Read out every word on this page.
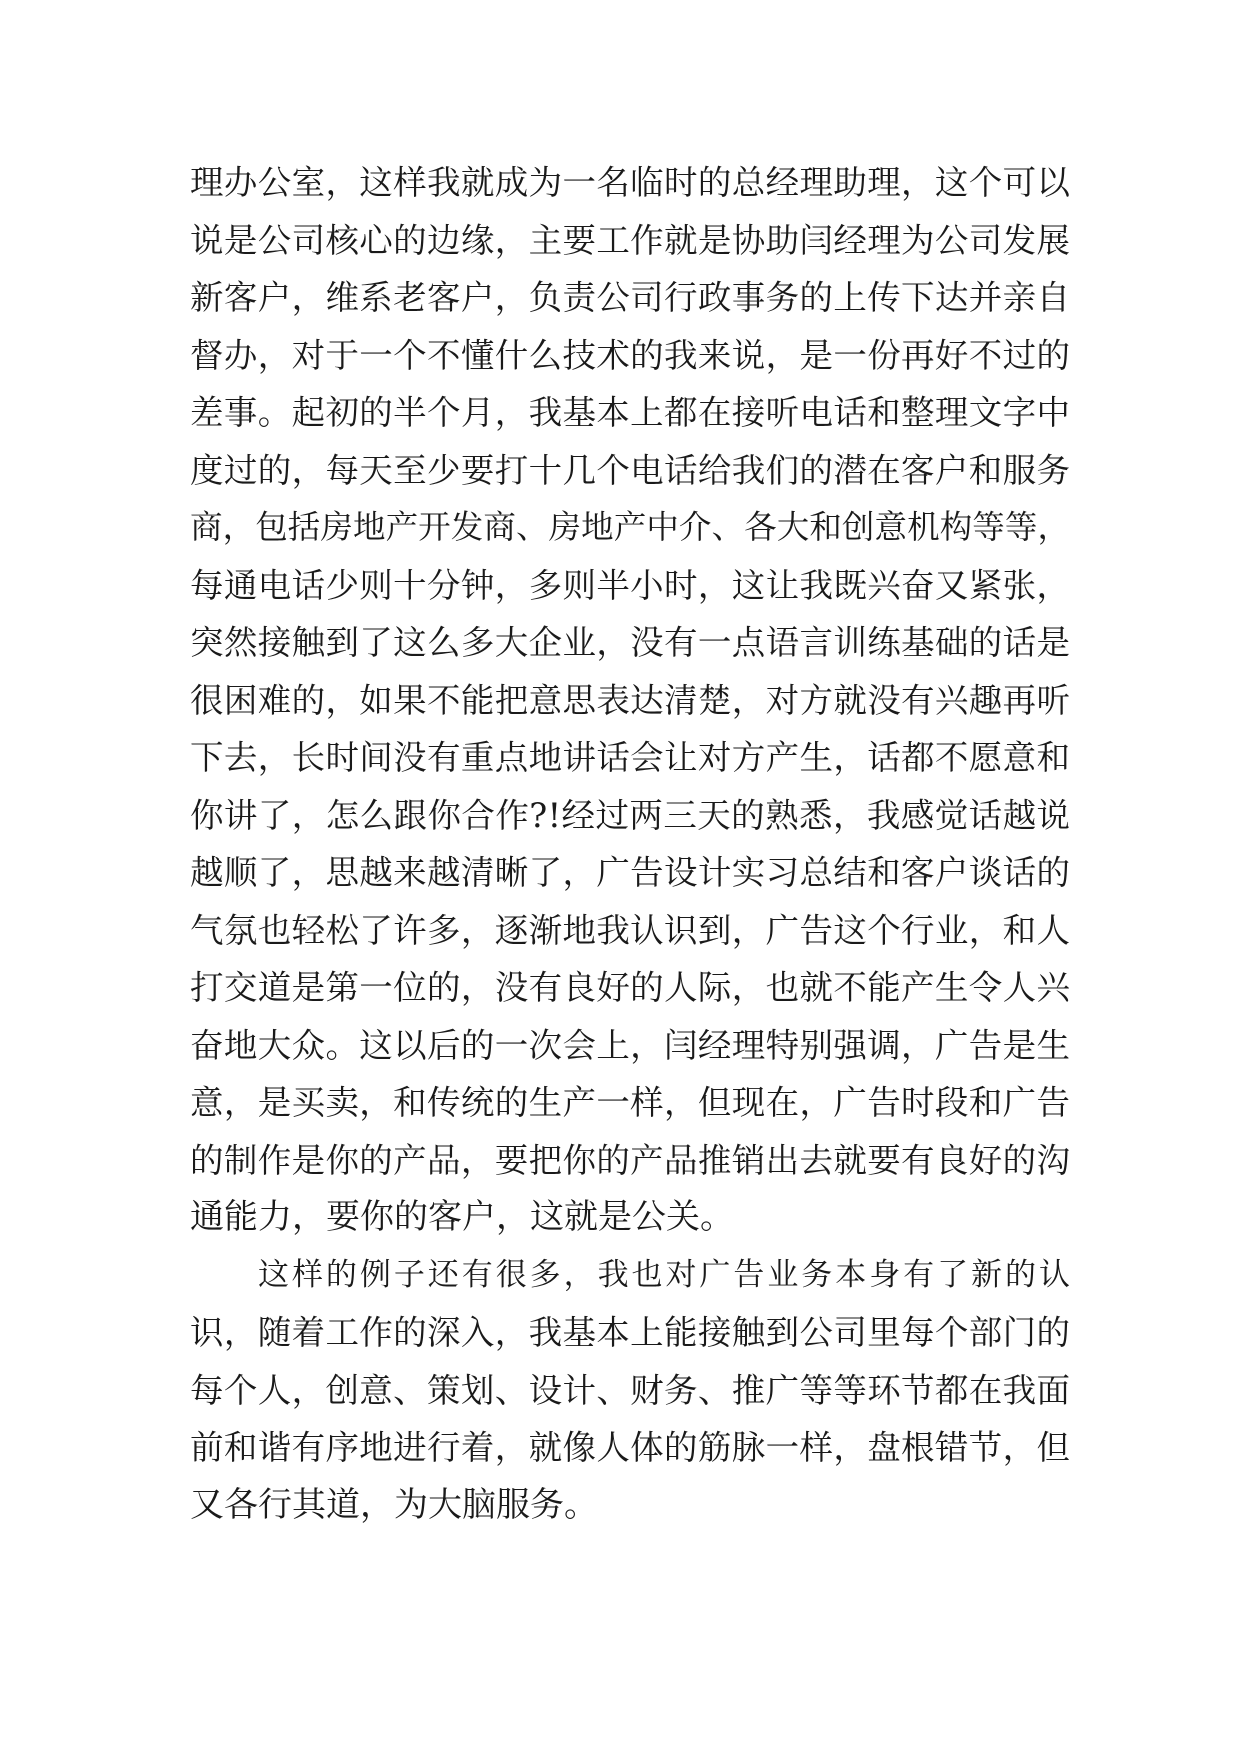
理办公室，这样我就成为一名临时的总经理助理，这个可以
说是公司核心的边缘，主要工作就是协助闫经理为公司发展
新客户，维系老客户，负责公司行政事务的上传下达并亲自
督办，对于一个不懂什么技术的我来说，是一份再好不过的
差事。起初的半个月，我基本上都在接听电话和整理文字中
度过的，每天至少要打十几个电话给我们的潜在客户和服务
商，包括房地产开发商、房地产中介、各大和创意机构等等，
每通电话少则十分钟，多则半小时，这让我既兴奋又紧张，
突然接触到了这么多大企业，没有一点语言训练基础的话是
很困难的，如果不能把意思表达清楚，对方就没有兴趣再听
下去，长时间没有重点地讲话会让对方产生，话都不愿意和
你讲了，怎么跟你合作?!经过两三天的熟悉，我感觉话越说
越顺了，思越来越清晰了，广告设计实习总结和客户谈话的
气氛也轻松了许多，逐渐地我认识到，广告这个行业，和人
打交道是第一位的，没有良好的人际，也就不能产生令人兴
奋地大众。这以后的一次会上，闫经理特别强调，广告是生
意，是买卖，和传统的生产一样，但现在，广告时段和广告
的制作是你的产品，要把你的产品推销出去就要有良好的沟
通能力，要你的客户，这就是公关。
这样的例子还有很多，我也对广告业务本身有了新的认
识，随着工作的深入，我基本上能接触到公司里每个部门的
每个人，创意、策划、设计、财务、推广等等环节都在我面
前和谐有序地进行着，就像人体的筋脉一样，盘根错节，但
又各行其道，为大脑服务。
